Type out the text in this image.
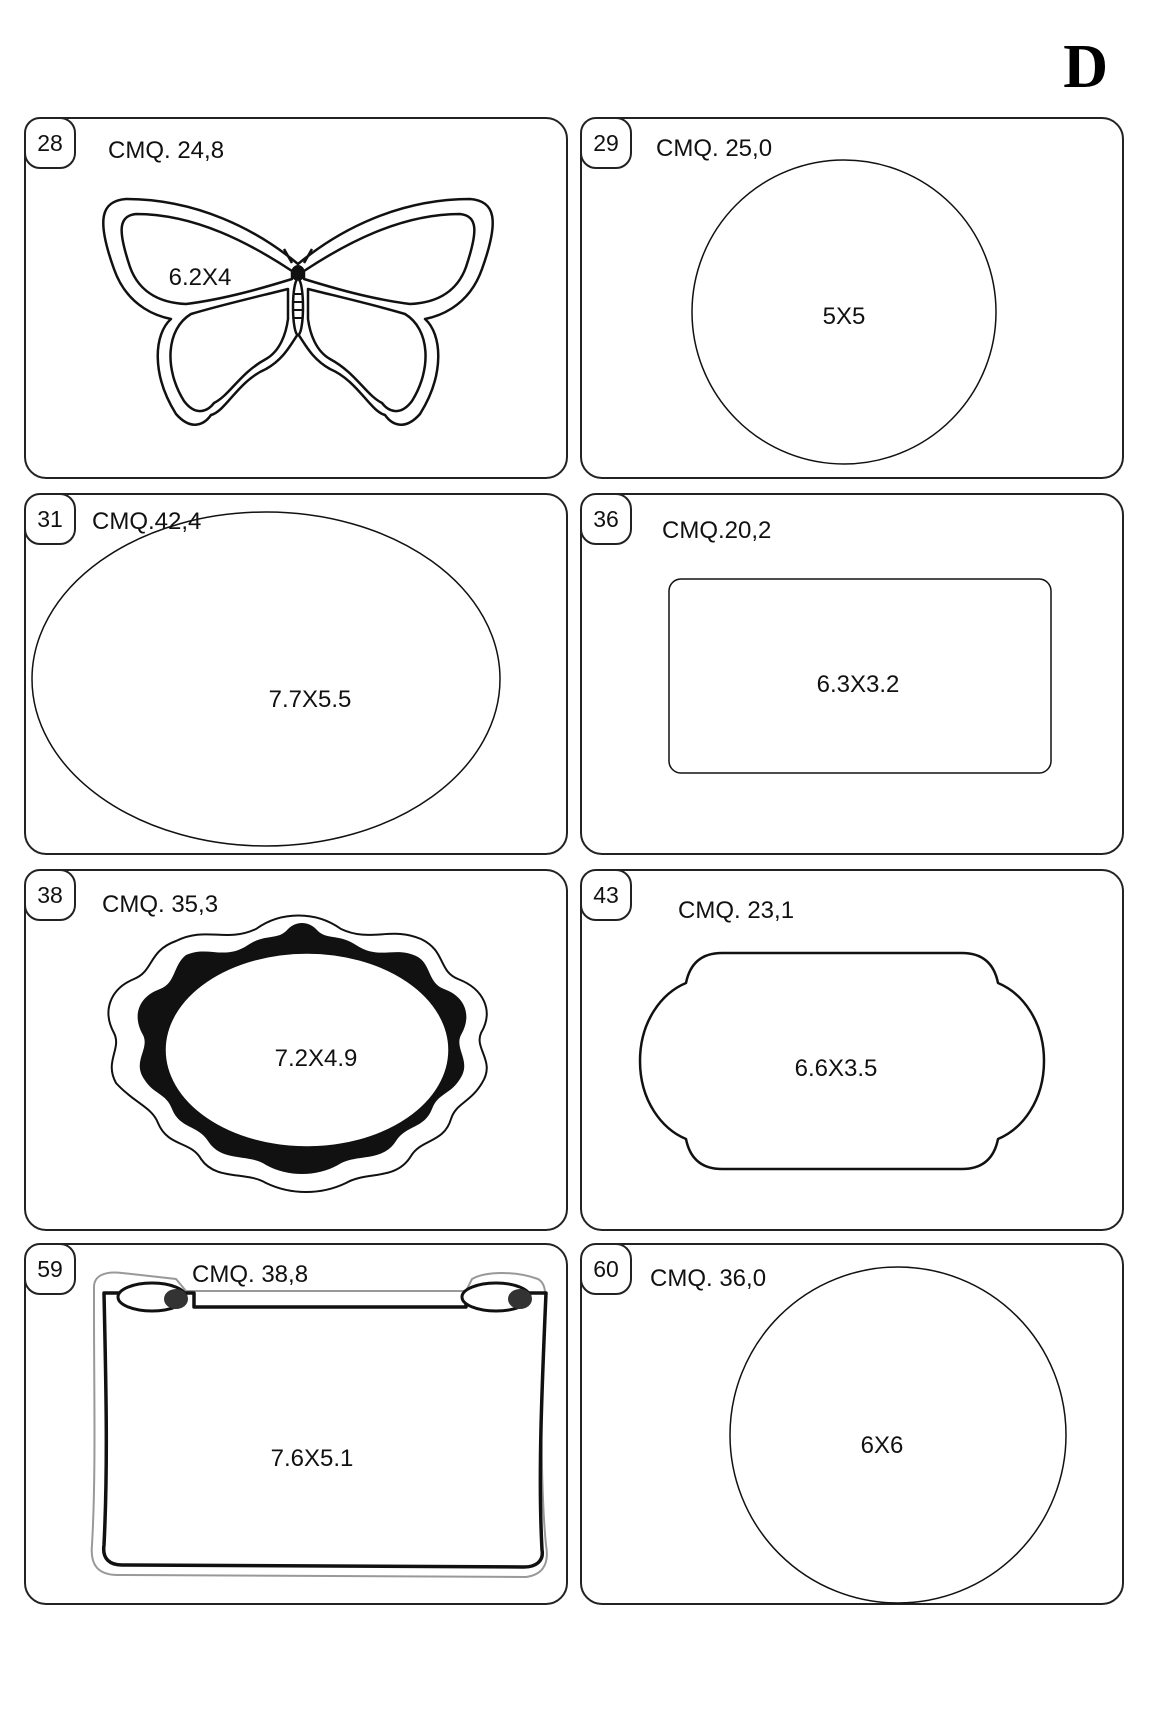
D
28	CMQ. 24,8
6.2X4
29	CMQ. 25,0
5X5
31	CMQ.42,4
7.7X5.5
36	CMQ.20,2
6.3X3.2
38	CMQ. 35,3
7.2X4.9
43
CMQ. 23,1
6.6X3.5
59	CMQ. 38,8
7.6X5.1
60	CMQ. 36,0
6X6
